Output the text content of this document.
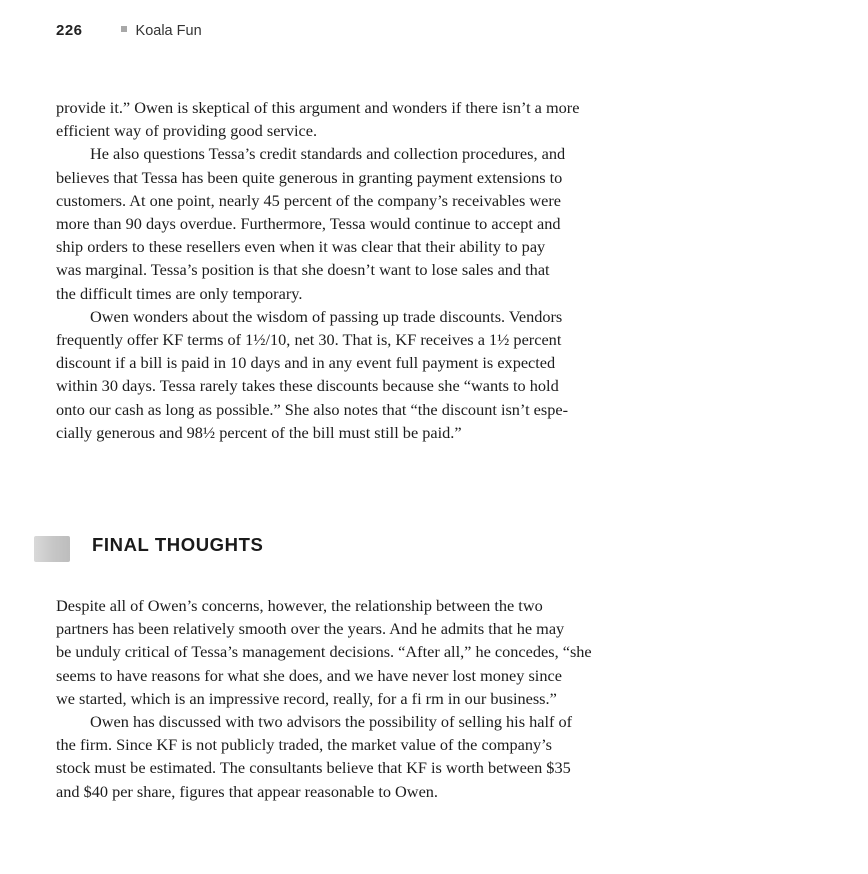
226	Koala Fun

provide it.” Owen is skeptical of this argument and wonders if there isn’t a more
efficient way of providing good service.

He also questions Tessa’s credit standards and collection procedures, and
believes that Tessa has been quite generous in granting payment extensions to
customers. At one point, nearly 45 percent of the company’s receivables were
more than 90 days overdue. Furthermore, Tessa would continue to accept and
ship orders to these resellers even when it was clear that their ability to pay
was marginal. Tessa’s position is that she doesn’t want to lose sales and that
the difficult times are only temporary.

Owen wonders about the wisdom of passing up trade discounts. Vendors
frequently offer KF terms of 1½/10, net 30. That is, KF receives a 1½ percent
discount if a bill is paid in 10 days and in any event full payment is expected
within 30 days. Tessa rarely takes these discounts because she “wants to hold
onto our cash as long as possible.” She also notes that “the discount isn’t espe-
cially generous and 98½ percent of the bill must still be paid.”

FINAL THOUGHTS

Despite all of Owen’s concerns, however, the relationship between the two
partners has been relatively smooth over the years. And he admits that he may
be unduly critical of Tessa’s management decisions. “After all,” he concedes, “she
seems to have reasons for what she does, and we have never lost money since
we started, which is an impressive record, really, for a fi rm in our business.”

Owen has discussed with two advisors the possibility of selling his half of
the firm. Since KF is not publicly traded, the market value of the company’s
stock must be estimated. The consultants believe that KF is worth between $35
and $40 per share, figures that appear reasonable to Owen.
